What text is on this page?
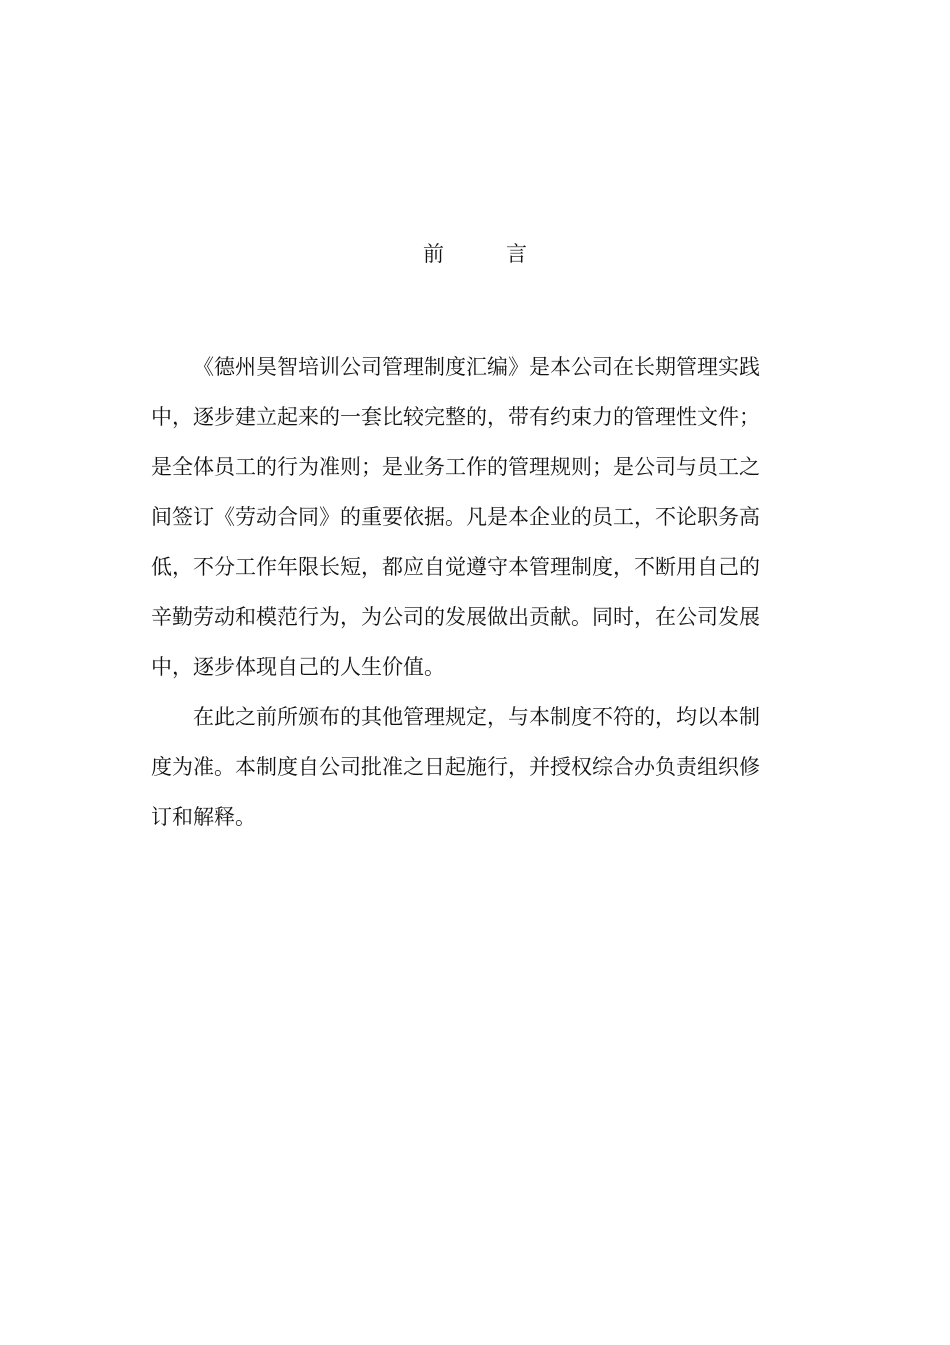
前	言
《德州昊智培训公司管理制度汇编》是本公司在长期管理实践
中，逐步建立起来的一套比较完整的，带有约束力的管理性文件；
是全体员工的行为准则；是业务工作的管理规则；是公司与员工之
间签订《劳动合同》的重要依据。凡是本企业的员工，不论职务高
低，不分工作年限长短，都应自觉遵守本管理制度，不断用自己的
辛勤劳动和模范行为，为公司的发展做出贡献。同时，在公司发展
中，逐步体现自己的人生价值。
在此之前所颁布的其他管理规定，与本制度不符的，均以本制
度为准。本制度自公司批准之日起施行，并授权综合办负责组织修
订和解释。
